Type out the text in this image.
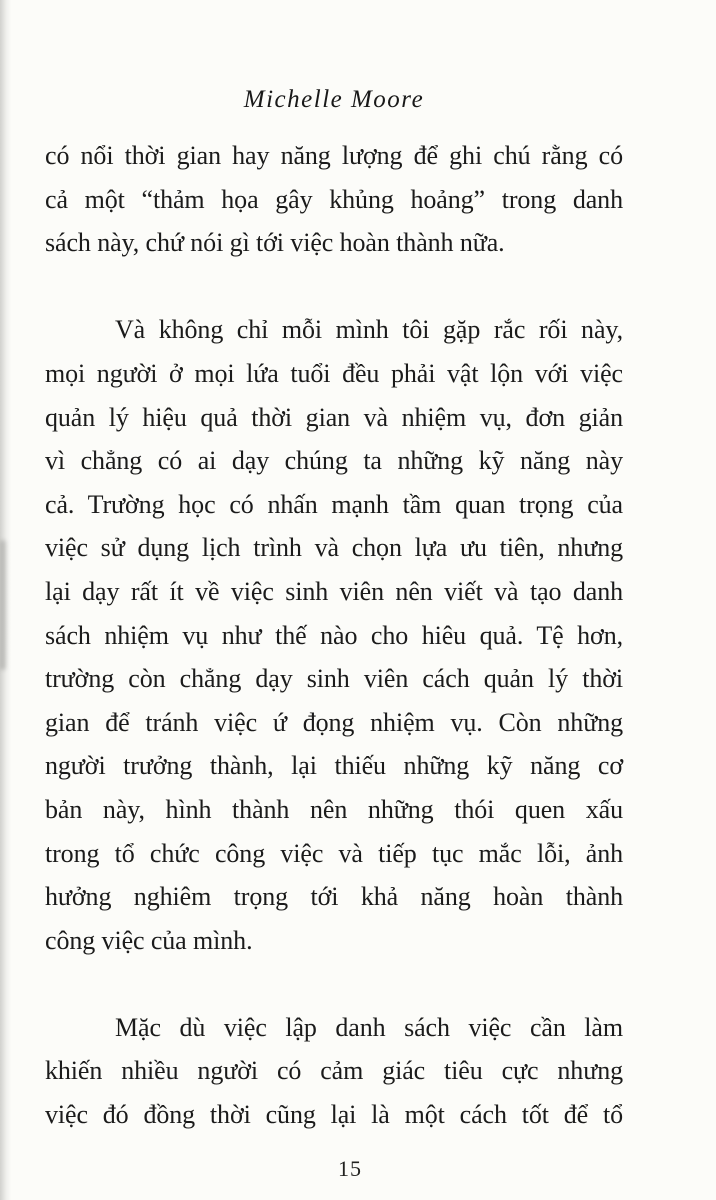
Michelle Moore
có nổi thời gian hay năng lượng để ghi chú rằng có
cả một “thảm họa gây khủng hoảng” trong danh
sách này, chứ nói gì tới việc hoàn thành nữa.
Và không chỉ mỗi mình tôi gặp rắc rối này,
mọi người ở mọi lứa tuổi đều phải vật lộn với việc
quản lý hiệu quả thời gian và nhiệm vụ, đơn giản
vì chẳng có ai dạy chúng ta những kỹ năng này
cả. Trường học có nhấn mạnh tầm quan trọng của
việc sử dụng lịch trình và chọn lựa ưu tiên, nhưng
lại dạy rất ít về việc sinh viên nên viết và tạo danh
sách nhiệm vụ như thế nào cho hiêu quả. Tệ hơn,
trường còn chẳng dạy sinh viên cách quản lý thời
gian để tránh việc ứ đọng nhiệm vụ. Còn những
người trưởng thành, lại thiếu những kỹ năng cơ
bản này, hình thành nên những thói quen xấu
trong tổ chức công việc và tiếp tục mắc lỗi, ảnh
hưởng nghiêm trọng tới khả năng hoàn thành
công việc của mình.
Mặc dù việc lập danh sách việc cần làm
khiến nhiều người có cảm giác tiêu cực nhưng
việc đó đồng thời cũng lại là một cách tốt để tổ
15
